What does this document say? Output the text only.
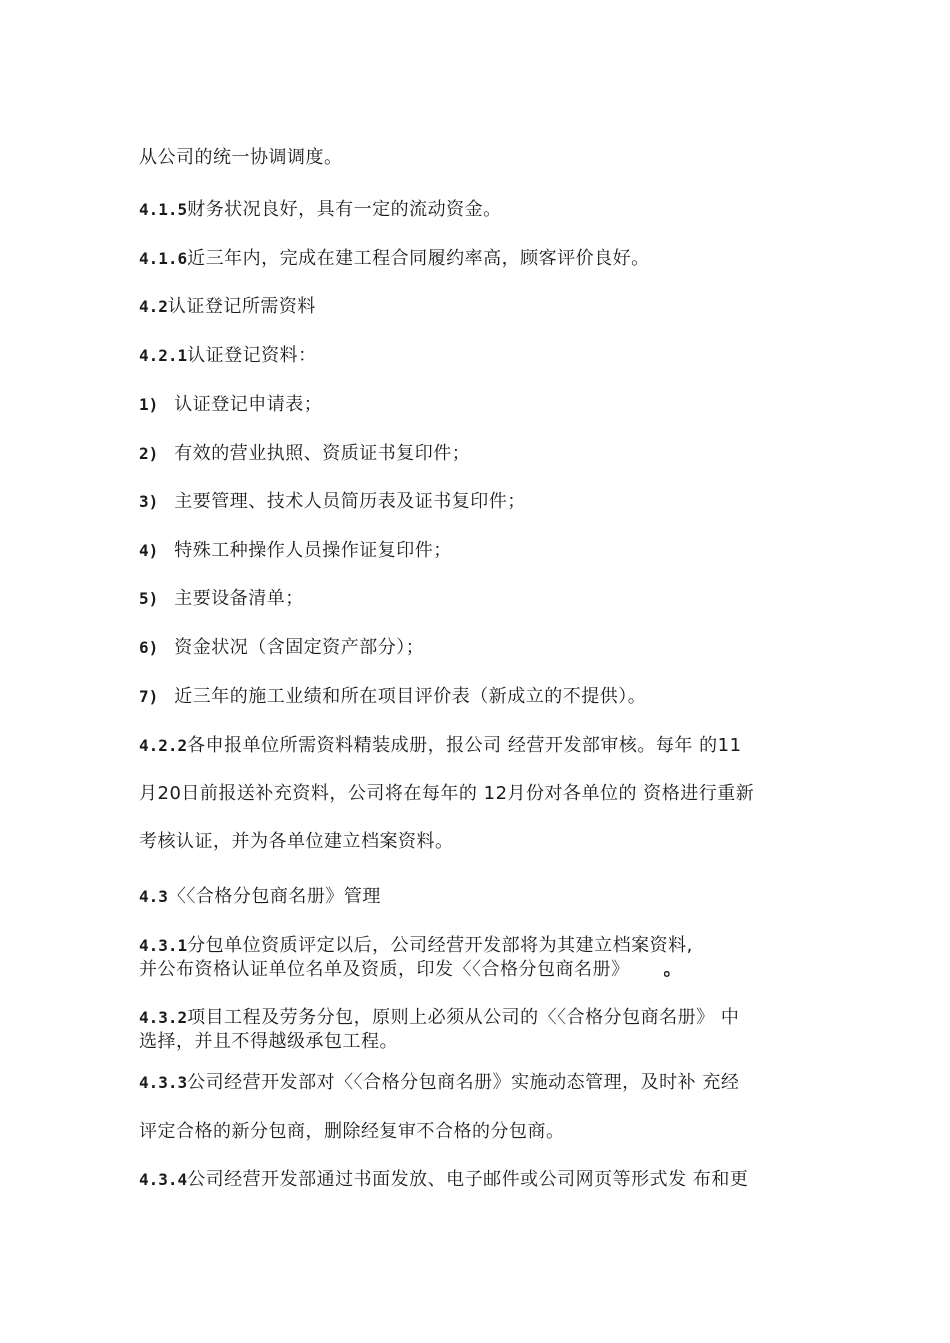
从公司的统一协调调度。
4.1.5财务状况良好，具有一定的流动资金。
4.1.6近三年内，完成在建工程合同履约率高，顾客评价良好。
4.2认证登记所需资料
4.2.1认证登记资料：
1) 认证登记申请表；
2) 有效的营业执照、资质证书复印件；
3) 主要管理、技术人员简历表及证书复印件；
4) 特殊工种操作人员操作证复印件；
5) 主要设备清单；
6) 资金状况（含固定资产部分）；
7) 近三年的施工业绩和所在项目评价表（新成立的不提供）。
4.2.2各申报单位所需资料精装成册，报公司 经营开发部审核。每年 的11
月20日前报送补充资料，公司将在每年的 12月份对各单位的 资格进行重新
考核认证，并为各单位建立档案资料。
4.3〈〈合格分包商名册》管理
4.3.1分包单位资质评定以后，公司经营开发部将为其建立档案资料,
并公布资格认证单位名单及资质，印发〈〈合格分包商名册》 。
4.3.2项目工程及劳务分包，原则上必须从公司的〈〈合格分包商名册》 中
选择，并且不得越级承包工程。
4.3.3公司经营开发部对〈〈合格分包商名册》实施动态管理，及时补 充经
评定合格的新分包商，删除经复审不合格的分包商。
4.3.4公司经营开发部通过书面发放、电子邮件或公司网页等形式发 布和更
